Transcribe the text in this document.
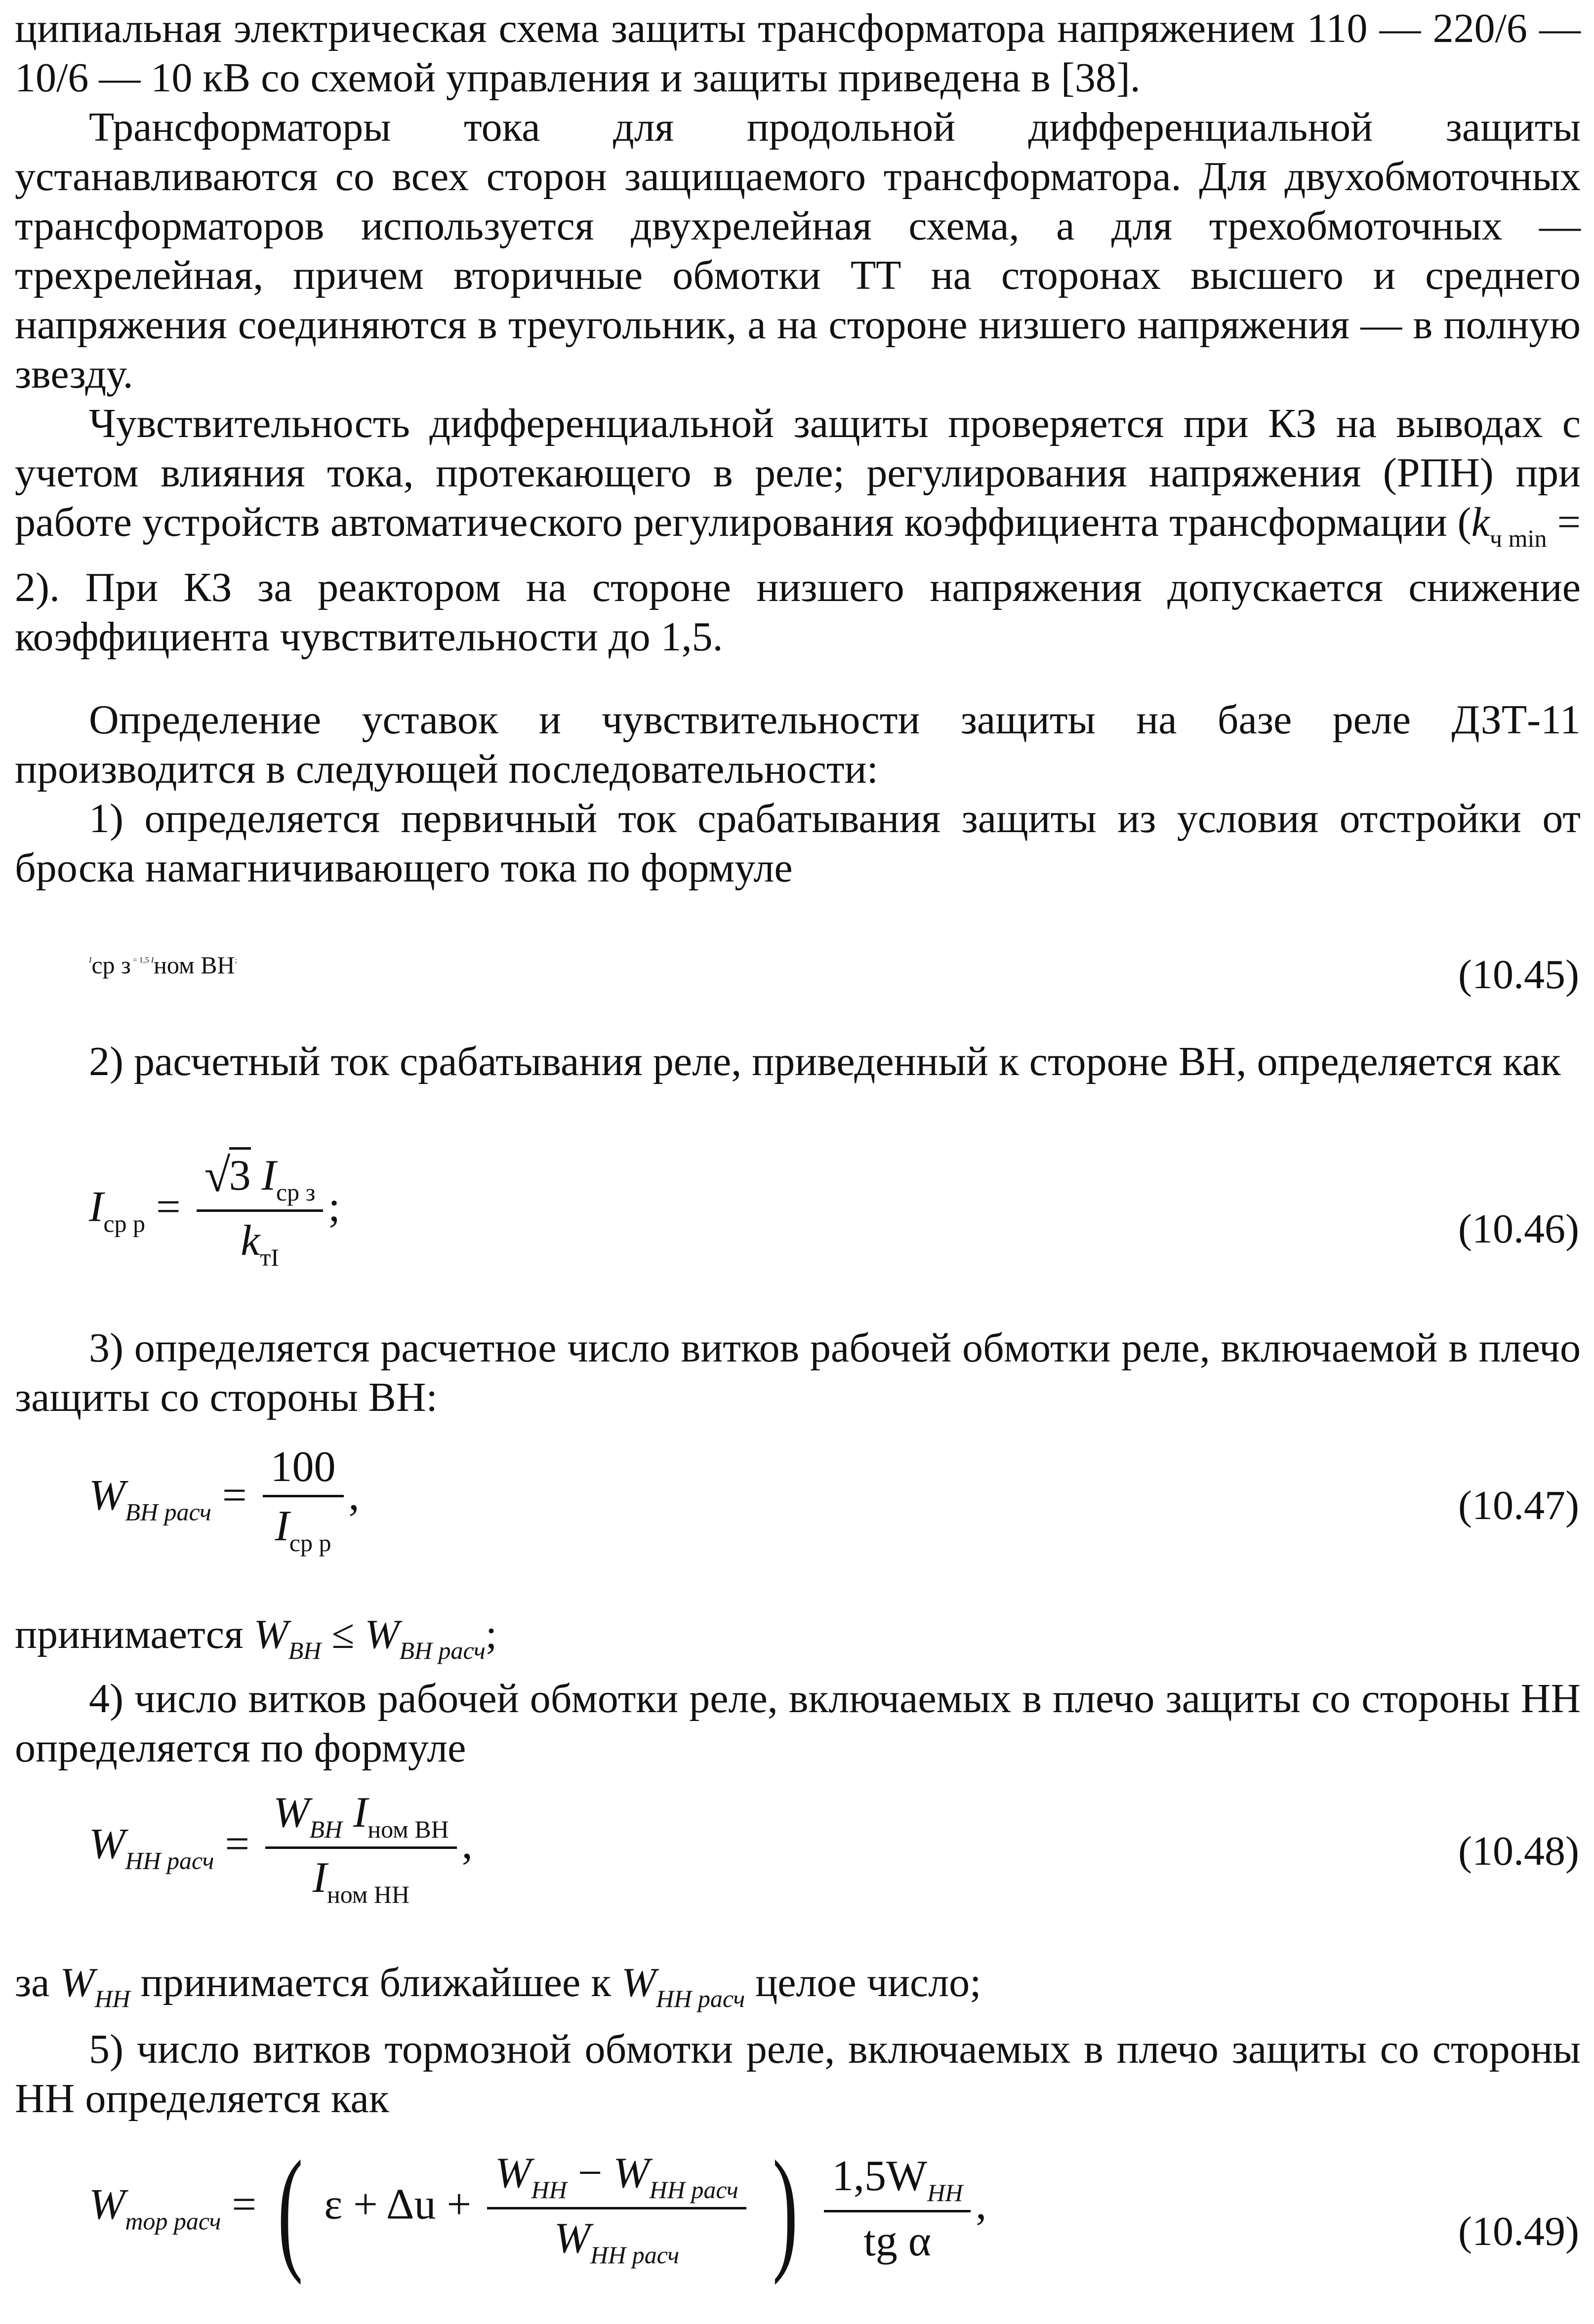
ципиальная электрическая схема защиты трансформатора напряжением 110 — 220/6 — 10/6 — 10 кВ со схемой управления и защиты приведена в [38].

Трансформаторы тока для продольной дифференциальной защиты устанавливаются со всех сторон защищаемого трансформатора. Для двухобмоточных трансформаторов используется двухрелейная схема, а для трехобмоточных — трехрелейная, причем вторичные обмотки ТТ на сторонах высшего и среднего напряжения соединяются в треугольник, а на стороне низшего напряжения — в полную звезду.

Чувствительность дифференциальной защиты проверяется при КЗ на выводах с учетом влияния тока, протекающего в реле; регулирования напряжения (РПН) при работе устройств автоматического регулирования коэффициента трансформации $(k_{ч min} = 2)$. При КЗ за реактором на стороне низшего напряжения допускается снижение коэффициента чувствительности до 1,5.

Определение уставок и чувствительности защиты на базе реле ДЗТ-11 производится в следующей последовательности:

1) определяется первичный ток срабатывания защиты из условия отстройки от броска намагничивающего тока по формуле

Iср з = 1,5 Iном ВН;	(10.45)

2) расчетный ток срабатывания реле, приведенный к стороне ВН, определяется как

$I_{ср р}$ = √
3 $I_{ср з}$
$k_{тI}$ ;	(10.46)

3) определяется расчетное число витков рабочей обмотки реле, включаемой в плечо защиты со стороны ВН:

$W_{ВН расч} = \frac{100}{I_{ср р}}$ ,	(10.47)

принимается $W_{ВН} \le W_{ВН расч}$;

4) число витков рабочей обмотки реле, включаемых в плечо защиты со стороны НН определяется по формуле

$W_{НН расч} = \frac{W_{ВН} I_{ном ВН}}{I_{ном НН}}$ ,	(10.48)

за $W_{НН}$ принимается ближайшее к $W_{НН расч}$ целое число;

5) число витков тормозной обмотки реле, включаемых в плечо защиты со стороны НН определяется как

$W_{тор расч}$ = ( $\varepsilon + \Delta u + \frac{W_{НН} - W_{НН расч}}{W_{НН расч}}$ ) $\frac{1,5W_{НН}}{\text{tg α}}$ ,
(10.49)
